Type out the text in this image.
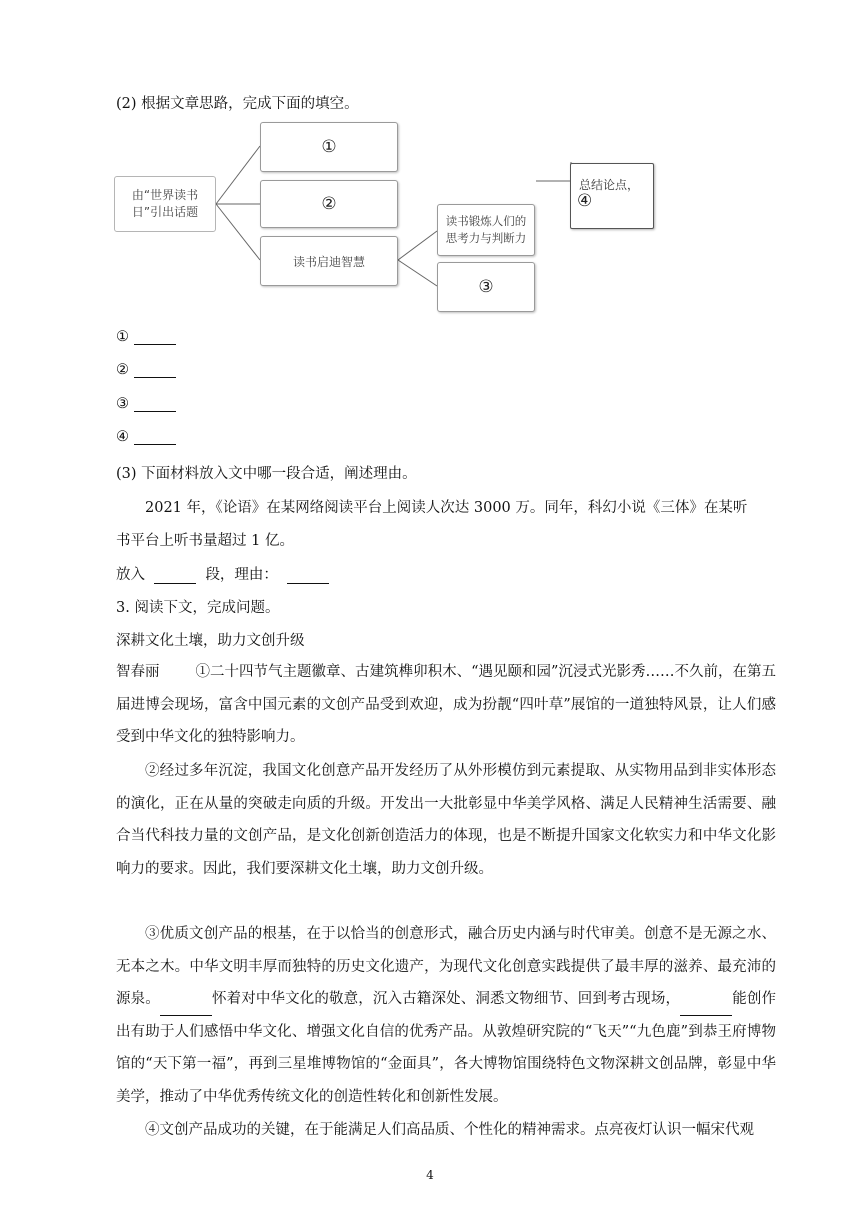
(2) 根据文章思路，完成下面的填空。
由“世界读书日”引出话题
①
②
读书启迪智慧
读书锻炼人们的思考力与判断力
③
总结论点，
④
①
②
③
④
(3) 下面材料放入文中哪一段合适，阐述理由。
2021 年，《论语》在某网络阅读平台上阅读人次达 3000 万。同年，科幻小说《三体》在某听
书平台上听书量超过 1 亿。
放入	段，理由：
3. 阅读下文，完成问题。
深耕文化土壤，助力文创升级
智春丽 ①二十四节气主题徽章、古建筑榫卯积木、“遇见颐和园”沉浸式光影秀……不久前，在第五届进博会现场，富含中国元素的文创产品受到欢迎，成为扮靓“四叶草”展馆的一道独特风景，让人们感受到中华文化的独特影响力。
②经过多年沉淀，我国文化创意产品开发经历了从外形模仿到元素提取、从实物用品到非实体形态的演化，正在从量的突破走向质的升级。开发出一大批彰显中华美学风格、满足人民精神生活需要、融合当代科技力量的文创产品，是文化创新创造活力的体现，也是不断提升国家文化软实力和中华文化影响力的要求。因此，我们要深耕文化土壤，助力文创升级。
③优质文创产品的根基，在于以恰当的创意形式，融合历史内涵与时代审美。创意不是无源之水、无本之木。中华文明丰厚而独特的历史文化遗产，为现代文化创意实践提供了最丰厚的滋养、最充沛的源泉。	怀着对中华文化的敬意，沉入古籍深处、洞悉文物细节、回到考古现场，	能创作出有助于人们感悟中华文化、增强文化自信的优秀产品。从敦煌研究院的“飞天”“九色鹿”到恭王府博物馆的“天下第一福”，再到三星堆博物馆的“金面具”，各大博物馆围绕特色文物深耕文创品牌，彰显中华美学，推动了中华优秀传统文化的创造性转化和创新性发展。
④文创产品成功的关键，在于能满足人们高品质、个性化的精神需求。点亮夜灯认识一幅宋代观
4
